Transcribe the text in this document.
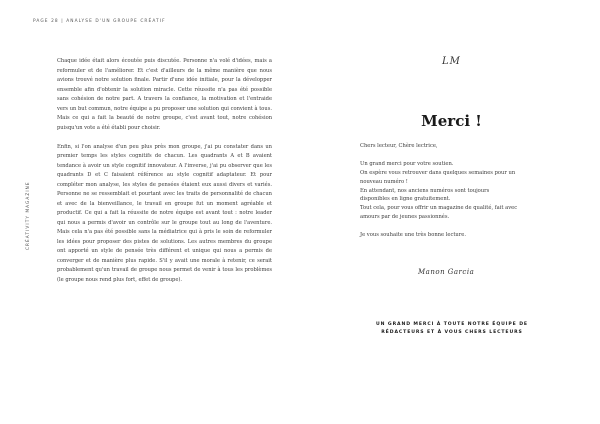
PAGE 28 | ANALYSE D'UN GROUPE CRÉATIF
CRÉATIVITY MAGAZINE

Chaque idée était alors écoutée puis discutée. Personne n'a volé d'idées, mais a reformuler et de l'améliorer. Et c'est d'ailleurs de la même manière que nous avions trouvé notre solution finale. Partir d'une idée initiale, pour la développer ensemble afin d'obtenir la solution miracle. Cette réussite n'a pas été possible sans cohésion de notre part. A travers la confiance, la motivation et l'entraide vers un but commun, notre équipe a pu proposer une solution qui convient à tous. Mais ce qui a fait la beauté de notre groupe, c'est avant tout, notre cohésion puisqu'un vote a été établi pour choisir.

Enfin, si l'on analyse d'un peu plus près mon groupe, j'ai pu constater dans un premier temps les styles cognitifs de chacun. Les quadrants A et B avaient tendance à avoir un style cognitif innovateur. A l'inverse, j'ai pu observer que les quadrants D et C faisaient référence au style cognitif adaptateur. Et pour compléter mon analyse, les styles de pensées étaient eux aussi divers et variés. Personne ne se ressemblait et pourtant avec les traits de personnalité de chacun et avec de la bienveillance, le travail en groupe fut un moment agréable et productif. Ce qui a fait la réussite de notre équipe est avant tout : notre leader qui nous a permis d'avoir un contrôle sur le groupe tout au long de l'aventure. Mais cela n'a pas été possible sans la médiatrice qui à pris le soin de reformuler les idées pour proposer des pistes de solutions. Les autres membres du groupe ont apporté un style de pensée très différent et unique qui nous a permis de converger et de manière plus rapide. S'il y avait une morale à retenir, ce serait probablement qu'un travail de groupe nous permet de venir à tous les problèmes (le groupe nous rend plus fort, effet de groupe).

LM
Merci !

Chers lecteur, Chère lectrice,

Un grand merci pour votre soutien.
On espère vous retrouver dans quelques semaines pour un
nouveau numéro !
En attendant, nos anciens numéros sont toujours
disponibles en ligne gratuitement.
Tout cela, pour vous offrir un magazine de qualité, fait avec

amours par de jeunes passionnés.

Je vous souhaite une très bonne lecture.

Manon Garcia
UN GRAND MERCI À TOUTE NOTRE ÉQUIPE DE RÉDACTEURS ET À VOUS CHERS LECTEURS
